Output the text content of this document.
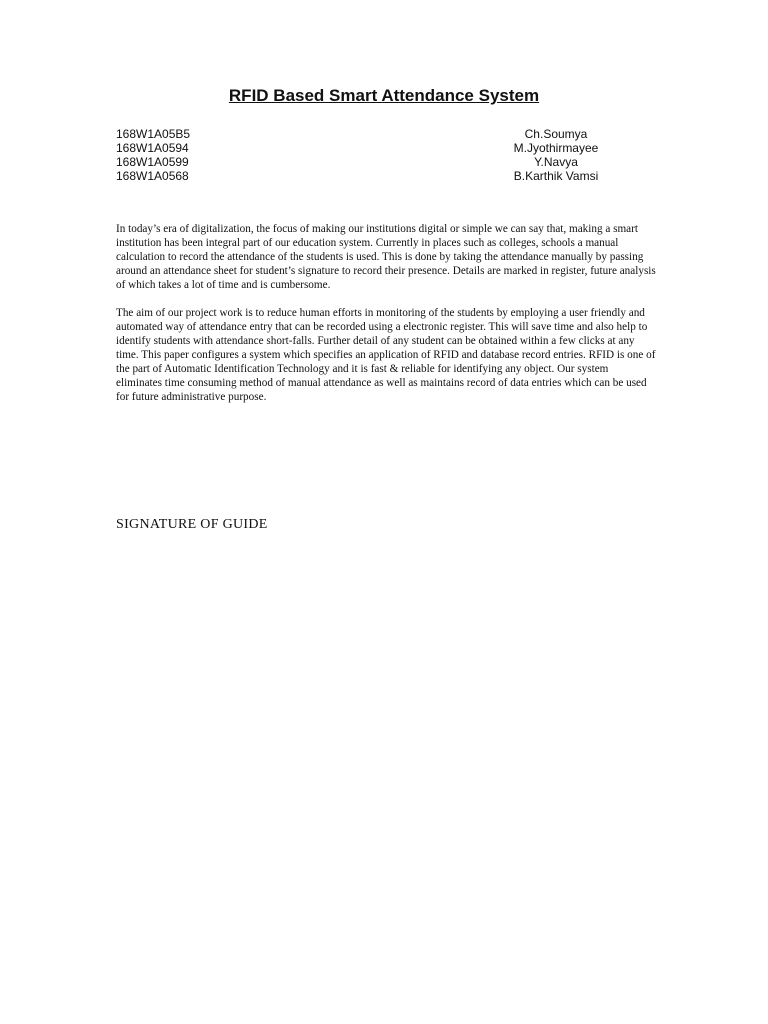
RFID Based Smart Attendance System
168W1A05B5	Ch.Soumya
168W1A0594	M.Jyothirmayee
168W1A0599	Y.Navya
168W1A0568	B.Karthik Vamsi

In today’s era of digitalization, the focus of making our institutions digital or simple we can say that, making a smart institution has been integral part of our education system. Currently in places such as colleges, schools a manual calculation to record the attendance of the students is used. This is done by taking the attendance manually by passing around an attendance sheet for student’s signature to record their presence. Details are marked in register, future analysis of which takes a lot of time and is cumbersome.

The aim of our project work is to reduce human efforts in monitoring of the students by employing a user friendly and automated way of attendance entry that can be recorded using a electronic register. This will save time and also help to identify students with attendance short-falls. Further detail of any student can be obtained within a few clicks at any time. This paper configures a system which specifies an application of RFID and database record entries. RFID is one of the part of Automatic Identification Technology and it is fast & reliable for identifying any object. Our system eliminates time consuming method of manual attendance as well as maintains record of data entries which can be used for future administrative purpose.

SIGNATURE OF GUIDE
